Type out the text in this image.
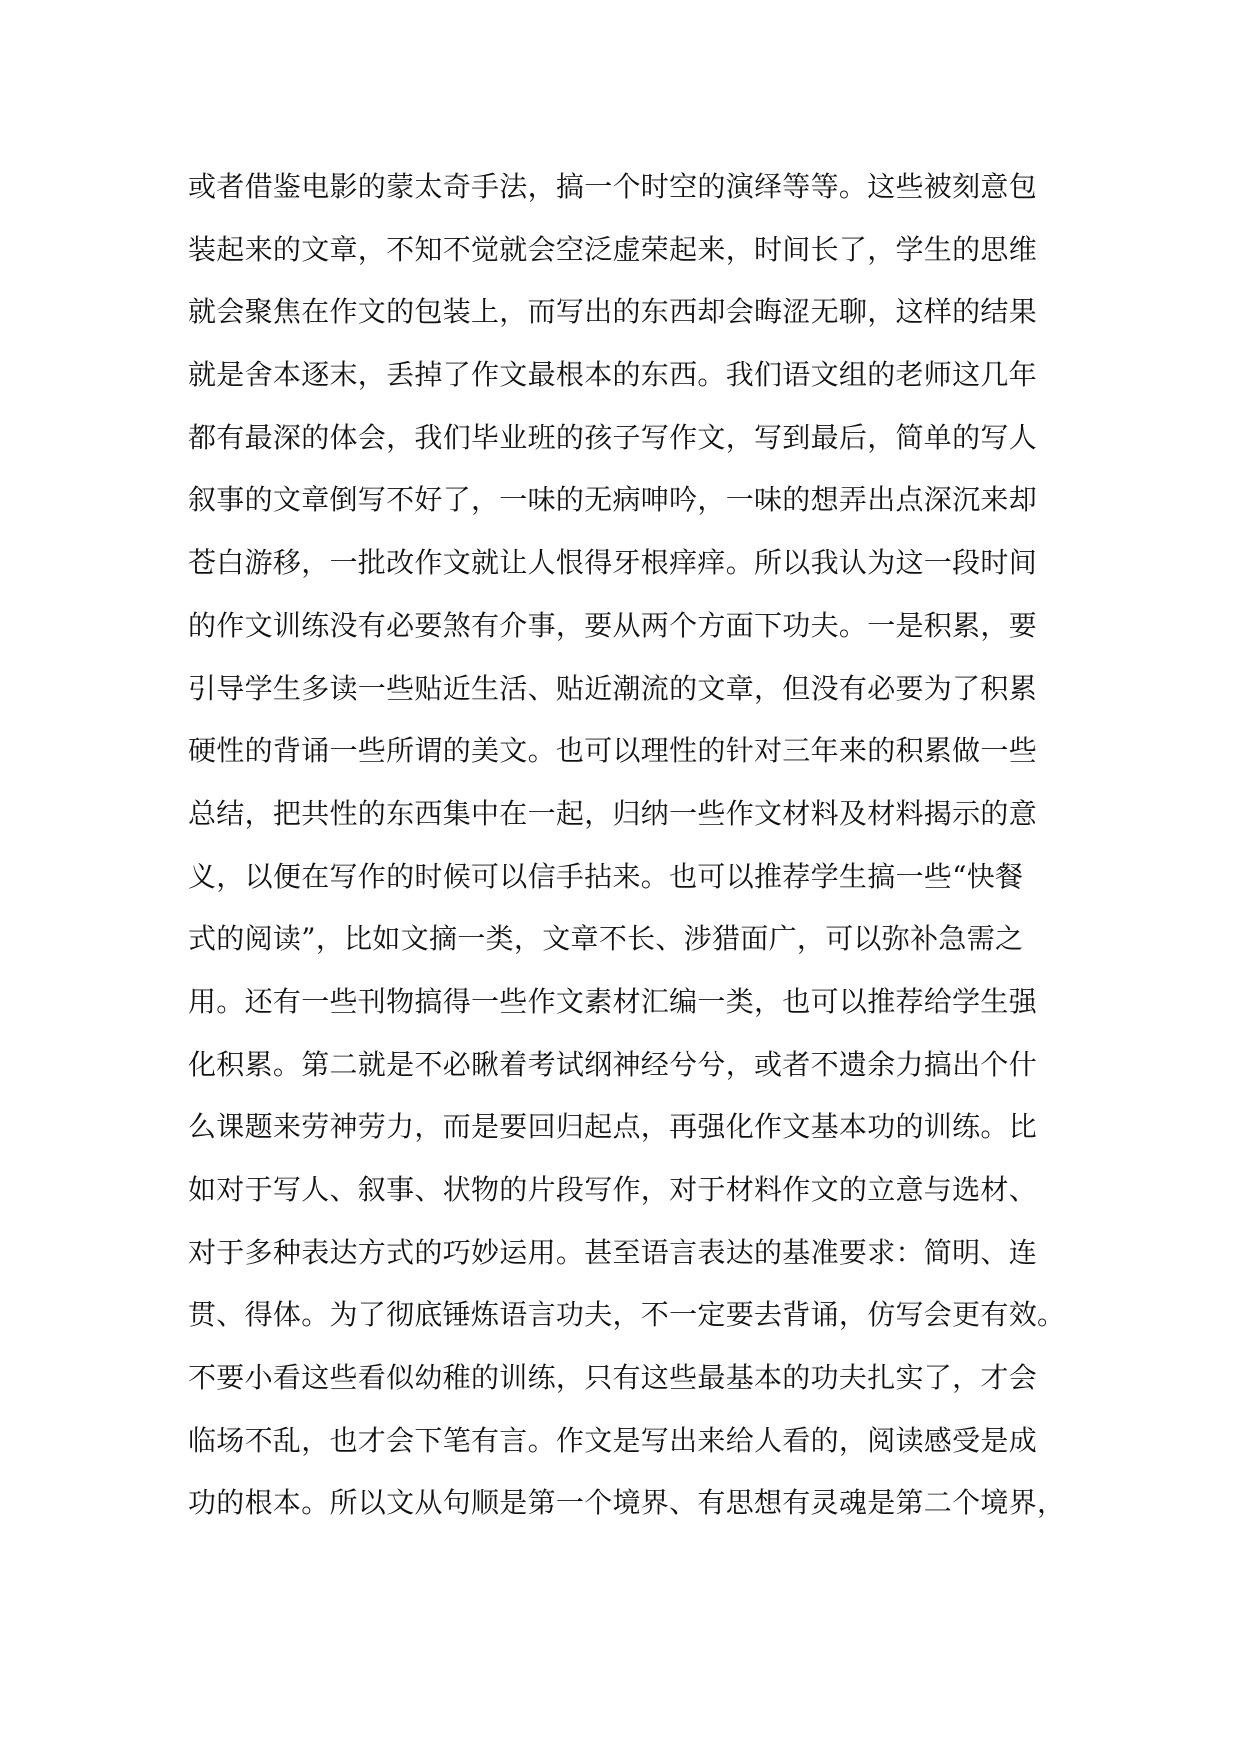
或者借鉴电影的蒙太奇手法，搞一个时空的演绎等等。这些被刻意包
装起来的文章，不知不觉就会空泛虚荣起来，时间长了，学生的思维
就会聚焦在作文的包装上，而写出的东西却会晦涩无聊，这样的结果
就是舍本逐末，丢掉了作文最根本的东西。我们语文组的老师这几年
都有最深的体会，我们毕业班的孩子写作文，写到最后，简单的写人
叙事的文章倒写不好了，一味的无病呻吟，一味的想弄出点深沉来却
苍白游移，一批改作文就让人恨得牙根痒痒。所以我认为这一段时间
的作文训练没有必要煞有介事，要从两个方面下功夫。一是积累，要
引导学生多读一些贴近生活、贴近潮流的文章，但没有必要为了积累
硬性的背诵一些所谓的美文。也可以理性的针对三年来的积累做一些
总结，把共性的东西集中在一起，归纳一些作文材料及材料揭示的意
义，以便在写作的时候可以信手拈来。也可以推荐学生搞一些“快餐
式的阅读”，比如文摘一类，文章不长、涉猎面广，可以弥补急需之
用。还有一些刊物搞得一些作文素材汇编一类，也可以推荐给学生强
化积累。第二就是不必瞅着考试纲神经兮兮，或者不遗余力搞出个什
么课题来劳神劳力，而是要回归起点，再强化作文基本功的训练。比
如对于写人、叙事、状物的片段写作，对于材料作文的立意与选材、
对于多种表达方式的巧妙运用。甚至语言表达的基准要求：简明、连
贯、得体。为了彻底锤炼语言功夫，不一定要去背诵，仿写会更有效。
不要小看这些看似幼稚的训练，只有这些最基本的功夫扎实了，才会
临场不乱，也才会下笔有言。作文是写出来给人看的，阅读感受是成
功的根本。所以文从句顺是第一个境界、有思想有灵魂是第二个境界，
